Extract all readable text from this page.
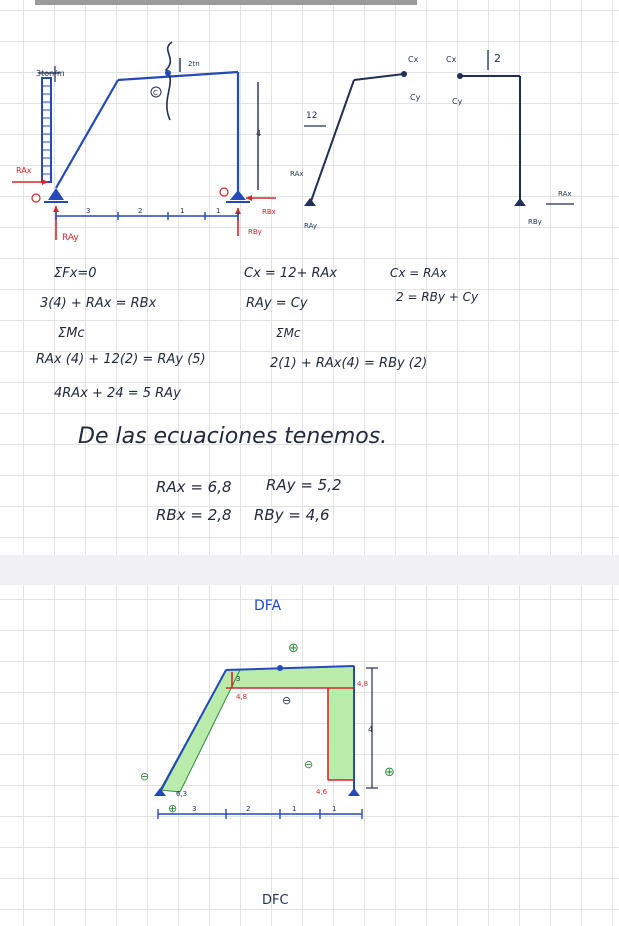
3ton/m
C
2tn
4
RAx
RAy
RBx
RBy
3	2	1	1
Cx
Cy
12
RAx
RAy
Cx
Cy
2
RAx
RBy
ΣFx=0
3(4) + RAx = RBx
ΣMc
RAx (4) + 12(2) = RAy (5)
4RAx + 24 = 5 RAy
Cx = 12+ RAx
RAy = Cy
ΣMc
2(1) + RAx(4) = RBy (2)
Cx = RAx
2 = RBy + Cy
De las ecuaciones tenemos.
RAx = 6,8 RAy = 5,2
RBx = 2,8 RBy = 4,6
DFA
4,8
4,8
4,6
6,3
3
⊕
⊖
⊖
⊖	⊕
⊕
4
3	2	1	1
DFC
